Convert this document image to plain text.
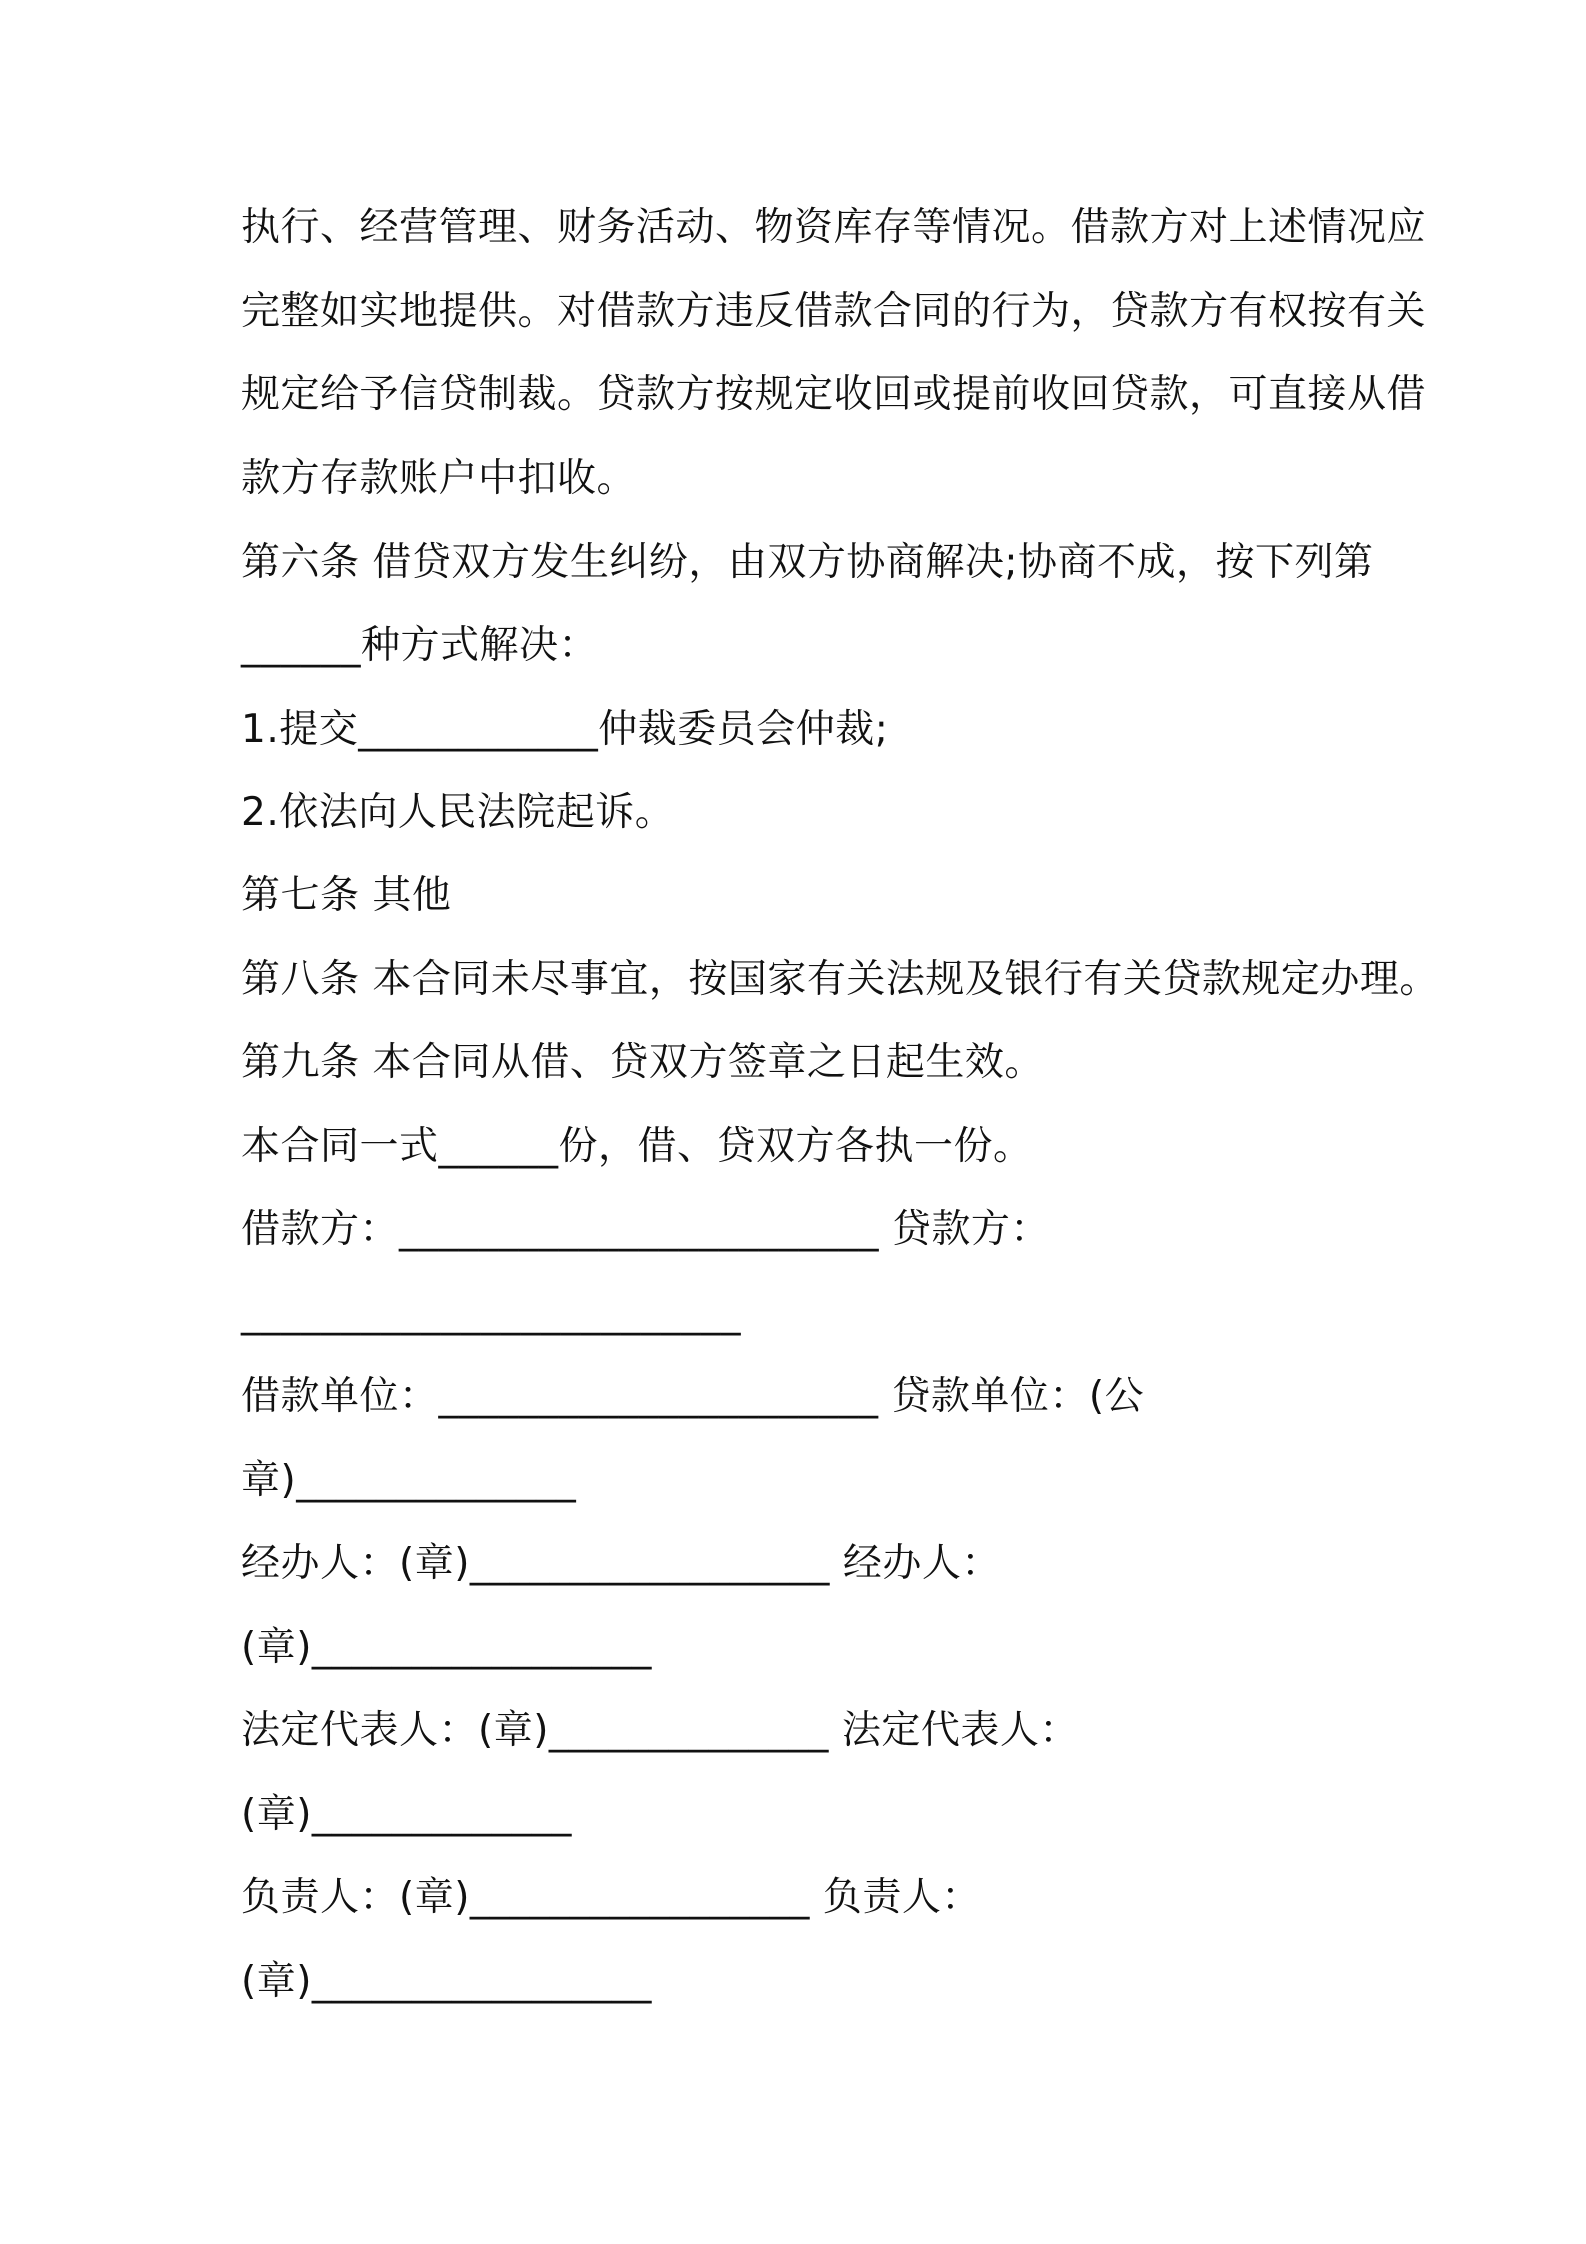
执行、经营管理、财务活动、物资库存等情况。借款方对上述情况应
完整如实地提供。对借款方违反借款合同的行为，贷款方有权按有关
规定给予信贷制裁。贷款方按规定收回或提前收回贷款，可直接从借
款方存款账户中扣收。
第六条 借贷双方发生纠纷，由双方协商解决;协商不成，按下列第
______种方式解决：
1.提交____________仲裁委员会仲裁;
2.依法向人民法院起诉。
第七条 其他
第八条 本合同未尽事宜，按国家有关法规及银行有关贷款规定办理。
第九条 本合同从借、贷双方签章之日起生效。
本合同一式______份，借、贷双方各执一份。
借款方：________________________ 贷款方：
_________________________
借款单位：______________________ 贷款单位：(公
章)______________
经办人：(章)__________________ 经办人：
(章)_________________
法定代表人：(章)______________ 法定代表人：
(章)_____________
负责人：(章)_________________ 负责人：
(章)_________________
